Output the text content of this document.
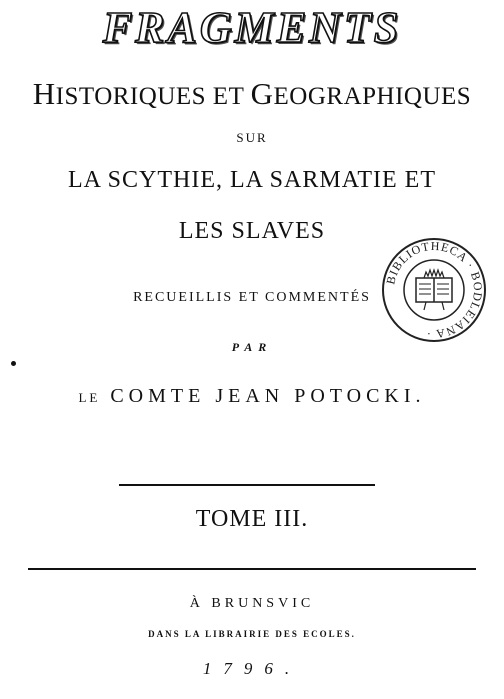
FRAGMENTS
HISTORIQUES ET GEOGRAPHIQUES
SUR
LA SCYTHIE, LA SARMATIE ET
LES SLAVES
RECUEILLIS ET COMMENTÉS
PAR
LE COMTE JEAN POTOCKI.
TOME III.
À BRUNSVIC
DANS LA LIBRAIRIE DES ECOLES.
1796.
BIBLIOTHECA · BODLEIANA ·
